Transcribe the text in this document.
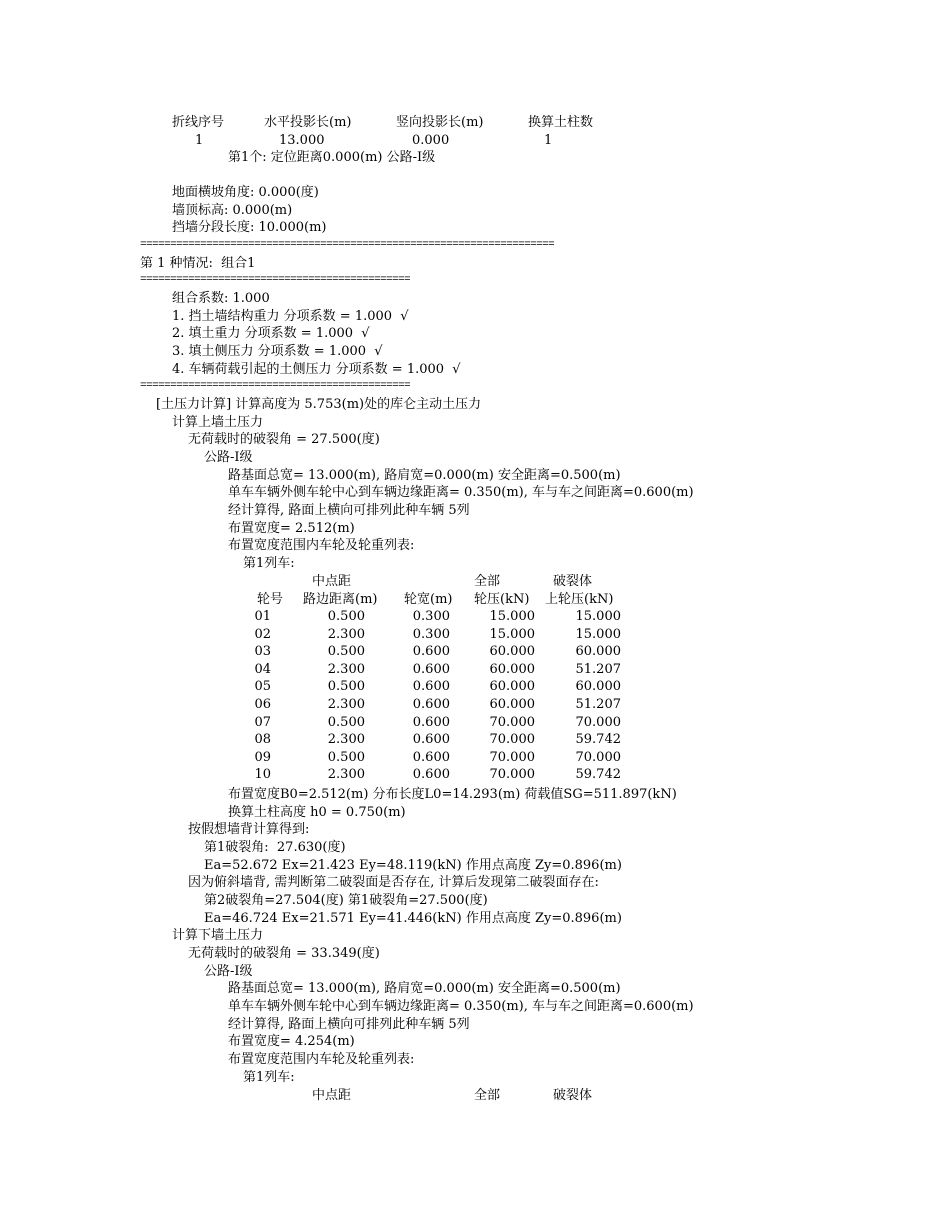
折线序号	水平投影长(m)	竖向投影长(m)	换算土柱数
1	13.000	0.000	1
第1个: 定位距离0.000(m) 公路-I级
地面横坡角度: 0.000(度)
墙顶标高: 0.000(m)
挡墙分段长度: 10.000(m)
=====================================================================
第 1 种情况:  组合1
=============================================
组合系数: 1.000
1. 挡土墙结构重力 分项系数 = 1.000  √
2. 填土重力 分项系数 = 1.000  √
3. 填土侧压力 分项系数 = 1.000  √
4. 车辆荷载引起的土侧压力 分项系数 = 1.000  √
=============================================
[土压力计算] 计算高度为 5.753(m)处的库仑主动土压力
计算上墙土压力
无荷载时的破裂角 = 27.500(度)
公路-I级
路基面总宽= 13.000(m), 路肩宽=0.000(m) 安全距离=0.500(m)
单车车辆外侧车轮中心到车辆边缘距离= 0.350(m), 车与车之间距离=0.600(m)
经计算得, 路面上横向可排列此种车辆 5列
布置宽度= 2.512(m)
布置宽度范围内车轮及轮重列表:
第1列车:
中点距	全部	破裂体
轮号 路边距离(m) 轮宽(m) 轮压(kN) 上轮压(kN)
01	0.500	0.300	15.000	15.000
02	2.300	0.300	15.000	15.000
03	0.500	0.600	60.000	60.000
04	2.300	0.600	60.000	51.207
05	0.500	0.600	60.000	60.000
06	2.300	0.600	60.000	51.207
07	0.500	0.600	70.000	70.000
08	2.300	0.600	70.000	59.742
09	0.500	0.600	70.000	70.000
10	2.300	0.600	70.000	59.742
布置宽度B0=2.512(m) 分布长度L0=14.293(m) 荷载值SG=511.897(kN)
换算土柱高度 h0 = 0.750(m)
按假想墙背计算得到:
第1破裂角:  27.630(度)
Ea=52.672 Ex=21.423 Ey=48.119(kN) 作用点高度 Zy=0.896(m)
因为俯斜墙背, 需判断第二破裂面是否存在, 计算后发现第二破裂面存在:
第2破裂角=27.504(度) 第1破裂角=27.500(度)
Ea=46.724 Ex=21.571 Ey=41.446(kN) 作用点高度 Zy=0.896(m)
计算下墙土压力
无荷载时的破裂角 = 33.349(度)
公路-I级
路基面总宽= 13.000(m), 路肩宽=0.000(m) 安全距离=0.500(m)
单车车辆外侧车轮中心到车辆边缘距离= 0.350(m), 车与车之间距离=0.600(m)
经计算得, 路面上横向可排列此种车辆 5列
布置宽度= 4.254(m)
布置宽度范围内车轮及轮重列表:
第1列车:
中点距	全部	破裂体
